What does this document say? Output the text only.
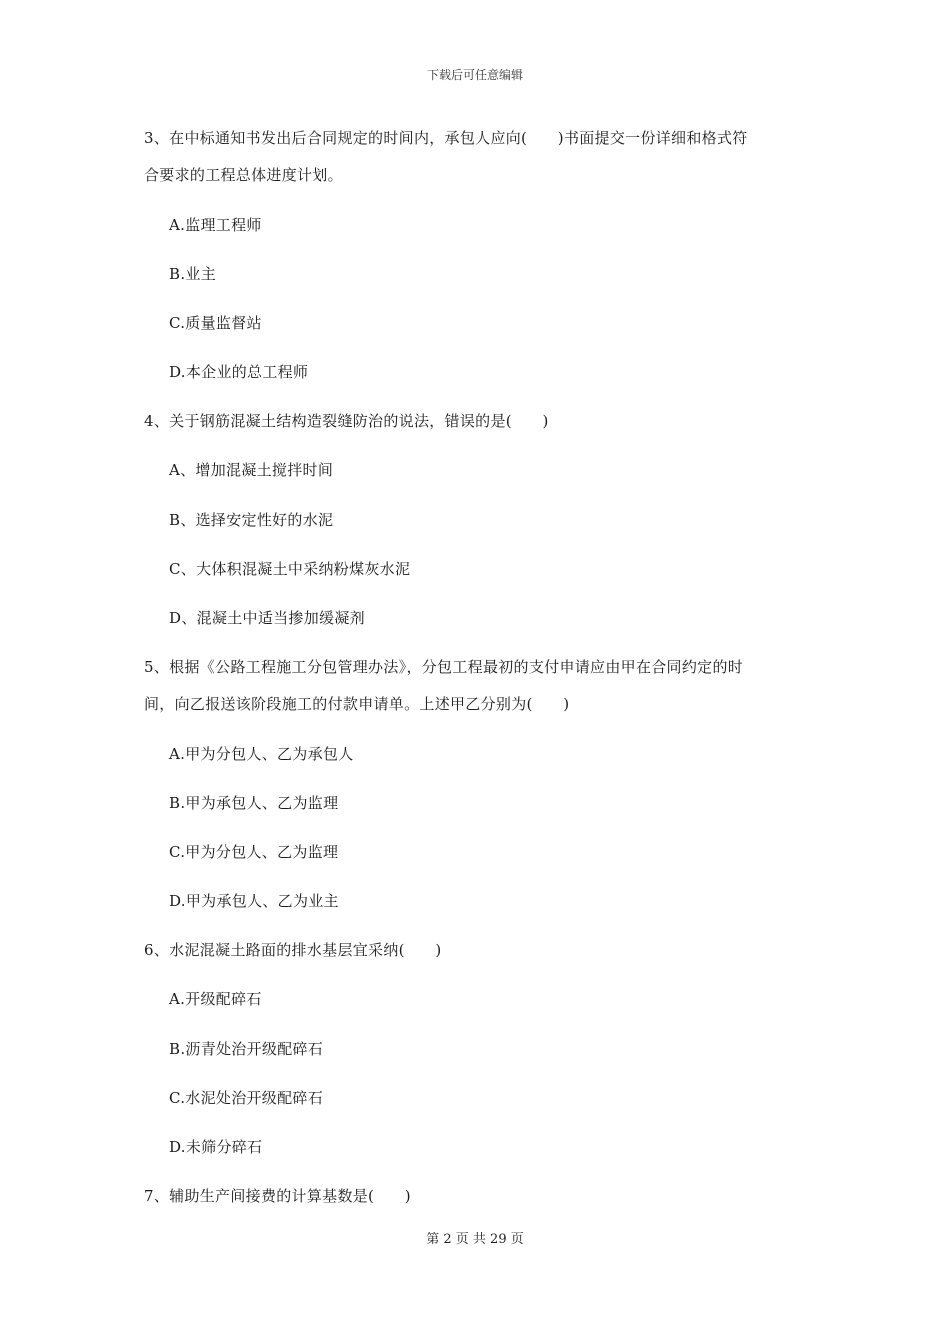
下载后可任意编辑
3、在中标通知书发出后合同规定的时间内，承包人应向(　　)书面提交一份详细和格式符
合要求的工程总体进度计划。
A.监理工程师
B.业主
C.质量监督站
D.本企业的总工程师
4、关于钢筋混凝土结构造裂缝防治的说法，错误的是(　　)
A、增加混凝土搅拌时间
B、选择安定性好的水泥
C、大体积混凝土中采纳粉煤灰水泥
D、混凝土中适当掺加缓凝剂
5、根据《公路工程施工分包管理办法》，分包工程最初的支付申请应由甲在合同约定的时
间，向乙报送该阶段施工的付款申请单。上述甲乙分别为(　　)
A.甲为分包人、乙为承包人
B.甲为承包人、乙为监理
C.甲为分包人、乙为监理
D.甲为承包人、乙为业主
6、水泥混凝土路面的排水基层宜采纳(　　)
A.开级配碎石
B.沥青处治开级配碎石
C.水泥处治开级配碎石
D.未筛分碎石
7、辅助生产间接费的计算基数是(　　)
第 2 页 共 29 页
